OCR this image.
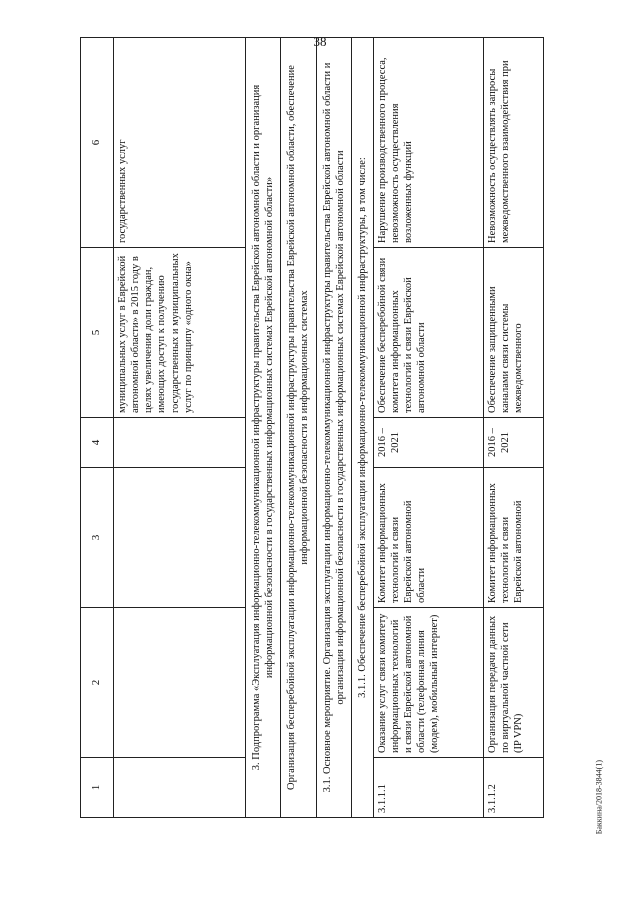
38
1	2	3	4	5	6
				муниципальных услуг в Еврейской автономной области» в 2015 году в целях увеличения доли граждан, имеющих доступ к получению государственных и муниципальных услуг по принципу «одного окна»	государственных услуг
3. Подпрограмма «Эксплуатация информационно-телекоммуникационной инфраструктуры правительства Еврейской автономной области и организация информационной безопасности в государственных информационных системах Еврейской автономной области»					
Организация бесперебойной эксплуатации информационно-телекоммуникационной инфраструктуры правительства Еврейской автономной области, обеспечение информационной безопасности в информационных системах					
3.1. Основное мероприятие. Организация эксплуатации информационно-телекоммуникационной инфраструктуры правительства Еврейской автономной области и организация информационной безопасности в государственных информационных системах Еврейской автономной области					
3.1.1. Обеспечение бесперебойной эксплуатации информационно-телекоммуникационной инфраструктуры, в том числе:					
3.1.1.1	Оказание услуг связи комитету информационных технологий и связи Еврейской автономной области (телефонная линия (модем), мобильный интернет)	Комитет информационных технологий и связи Еврейской автономной области	2016 – 2021	Обеспечение бесперебойной связи комитета информационных технологий и связи Еврейской автономной области	Нарушение производственного процесса, невозможность осуществления возложенных функций
3.1.1.2	Организация передачи данных по виртуальной частной сети (IP VPN)	Комитет информационных технологий и связи Еврейской автономной	2016 – 2021	Обеспечение защищенными каналами связи системы межведомственного	Невозможность осуществлять запросы межведомственного взаимодействия при
Баккина/2018-3844(1)
